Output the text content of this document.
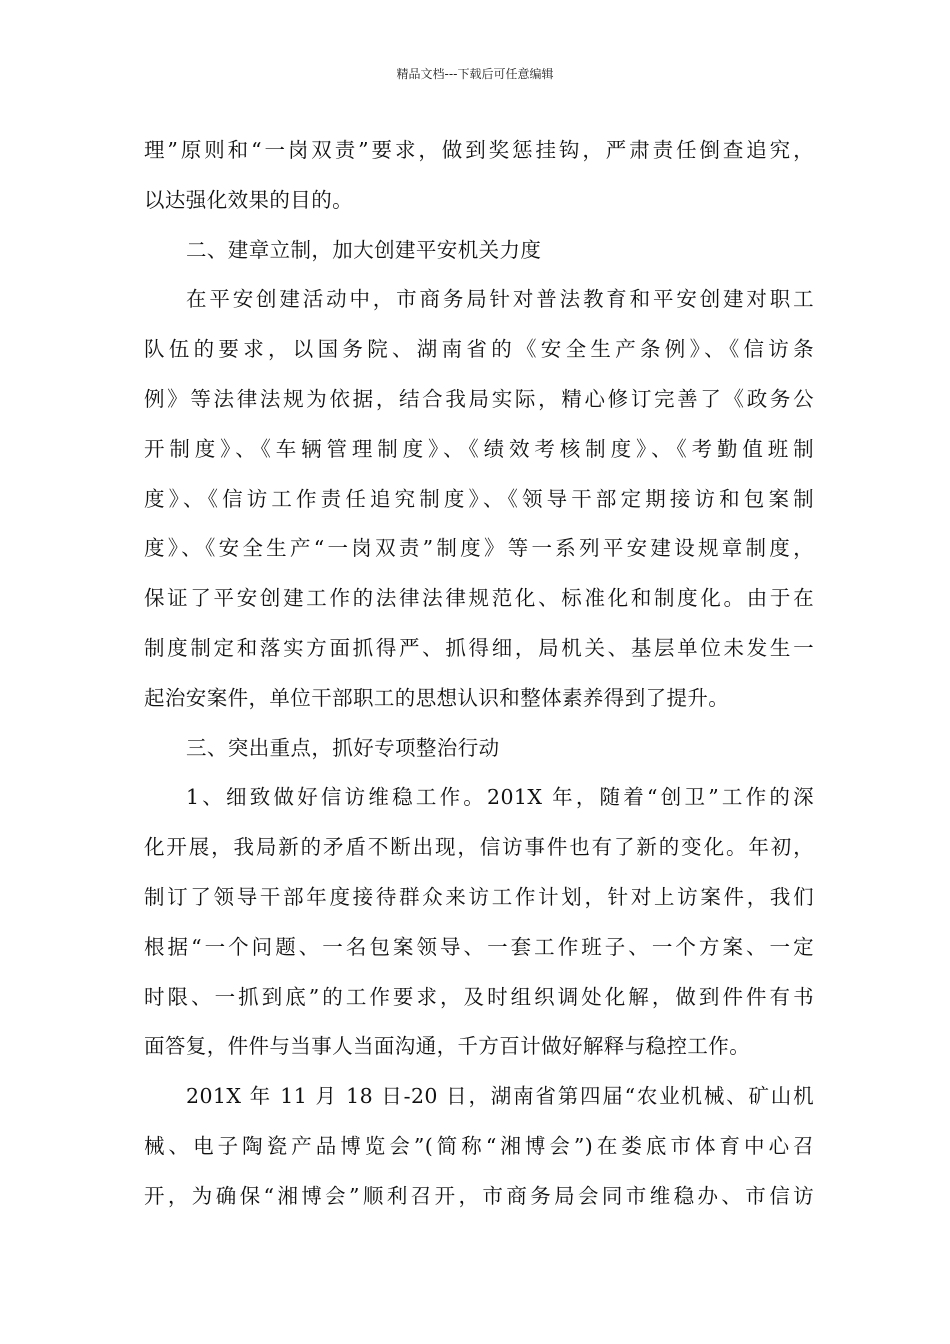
精品文档---下载后可任意编辑
理”原则和“一岗双责”要求，做到奖惩挂钩，严肃责任倒查追究，
以达强化效果的目的。
二、建章立制，加大创建平安机关力度
在平安创建活动中，市商务局针对普法教育和平安创建对职工
队伍的要求，以国务院、湖南省的《安全生产条例》、《信访条
例》等法律法规为依据，结合我局实际，精心修订完善了《政务公
开制度》、《车辆管理制度》、《绩效考核制度》、《考勤值班制
度》、《信访工作责任追究制度》、《领导干部定期接访和包案制
度》、《安全生产“一岗双责”制度》等一系列平安建设规章制度，
保证了平安创建工作的法律法律规范化、标准化和制度化。由于在
制度制定和落实方面抓得严、抓得细，局机关、基层单位未发生一
起治安案件，单位干部职工的思想认识和整体素养得到了提升。
三、突出重点，抓好专项整治行动
1、细致做好信访维稳工作。201X 年，随着“创卫”工作的深
化开展，我局新的矛盾不断出现，信访事件也有了新的变化。年初，
制订了领导干部年度接待群众来访工作计划，针对上访案件，我们
根据“一个问题、一名包案领导、一套工作班子、一个方案、一定
时限、一抓到底”的工作要求，及时组织调处化解，做到件件有书
面答复，件件与当事人当面沟通，千方百计做好解释与稳控工作。
201X 年 11 月 18 日-20 日，湖南省第四届“农业机械、矿山机
械、电子陶瓷产品博览会”(简称“湘博会”)在娄底市体育中心召
开，为确保“湘博会”顺利召开，市商务局会同市维稳办、市信访
